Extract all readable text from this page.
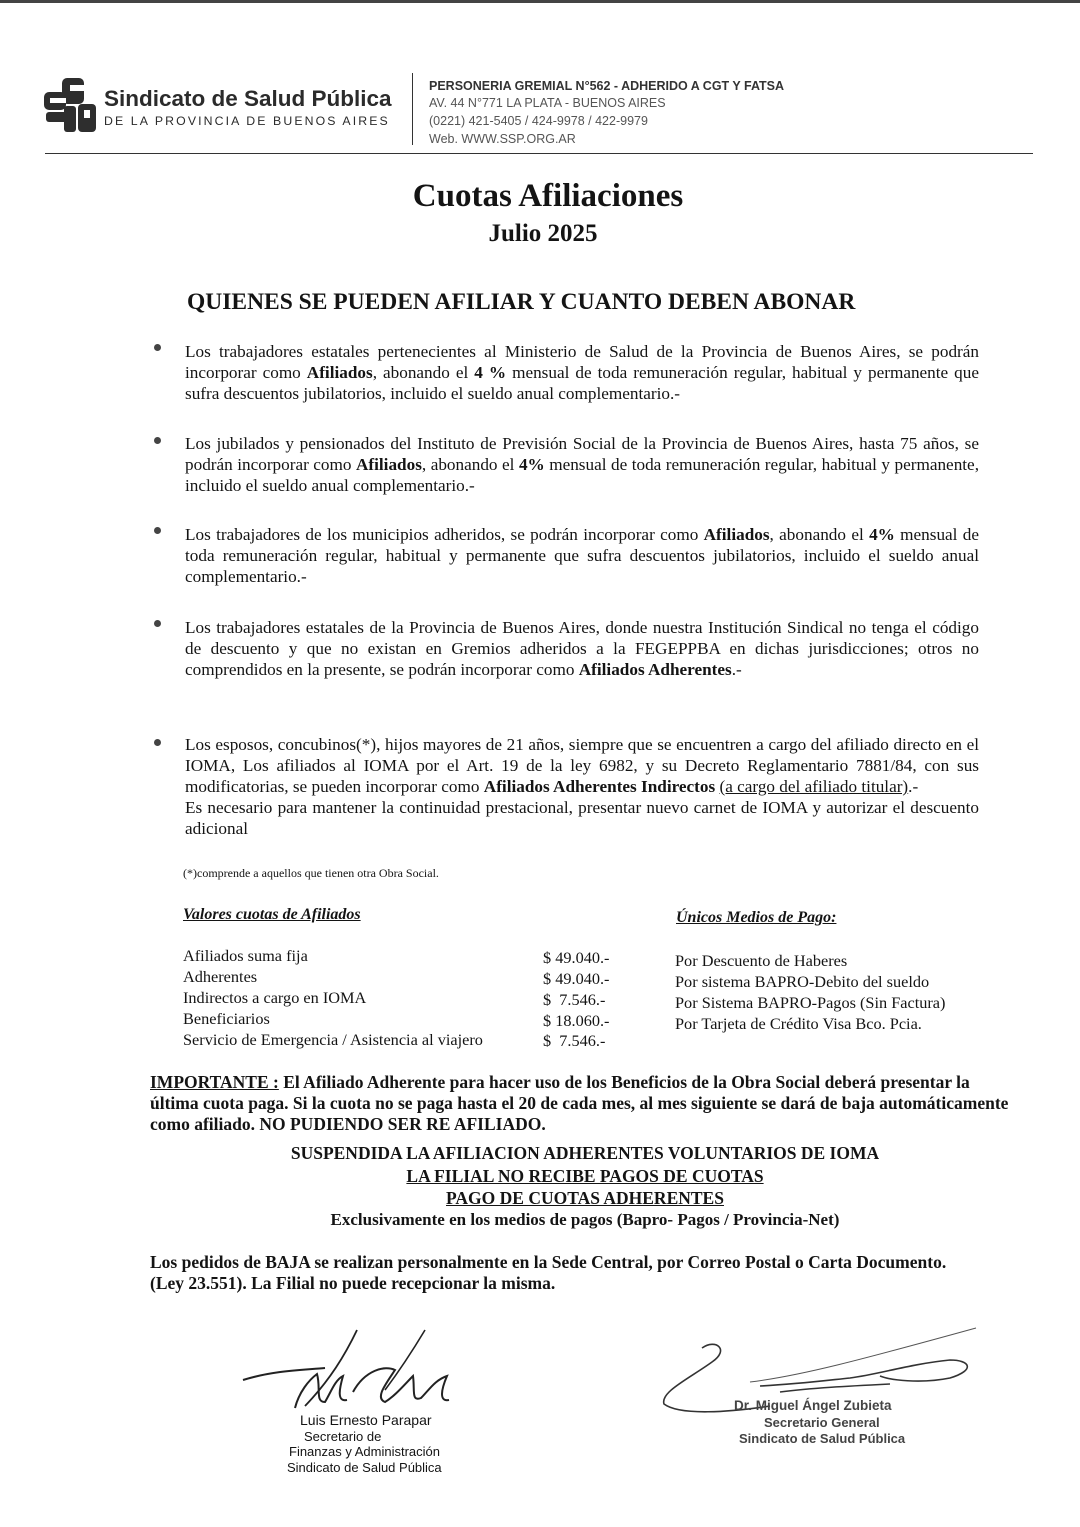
Sindicato de Salud Pública
DE LA PROVINCIA DE BUENOS AIRES
PERSONERIA GREMIAL N°562 - ADHERIDO A CGT Y FATSA
AV. 44 N°771 LA PLATA - BUENOS AIRES
(0221) 421-5405 / 424-9978 / 422-9979
Web. WWW.SSP.ORG.AR
Cuotas Afiliaciones
Julio 2025
QUIENES SE PUEDEN AFILIAR Y CUANTO DEBEN ABONAR
Los trabajadores estatales pertenecientes al Ministerio de Salud de la Provincia de Buenos Aires, se podrán incorporar como Afiliados, abonando el 4 % mensual de toda remuneración regular, habitual y permanente que sufra descuentos jubilatorios, incluido el sueldo anual complementario.-
Los jubilados y pensionados del Instituto de Previsión Social de la Provincia de Buenos Aires, hasta 75 años, se podrán incorporar como Afiliados, abonando el 4% mensual de toda remuneración regular, habitual y permanente, incluido el sueldo anual complementario.-
Los trabajadores de los municipios adheridos, se podrán incorporar como Afiliados, abonando el 4% mensual de toda remuneración regular, habitual y permanente que sufra descuentos jubilatorios, incluido el sueldo anual complementario.-
Los trabajadores estatales de la Provincia de Buenos Aires, donde nuestra Institución Sindical no tenga el código de descuento y que no existan en Gremios adheridos a la FEGEPPBA en dichas jurisdicciones; otros no comprendidos en la presente, se podrán incorporar como Afiliados Adherentes.-
Los esposos, concubinos(*), hijos mayores de 21 años, siempre que se encuentren a cargo del afiliado directo en el IOMA, Los afiliados al IOMA por el Art. 19 de la ley 6982, y su Decreto Reglamentario 7881/84, con sus modificatorias, se pueden incorporar como Afiliados Adherentes Indirectos (a cargo del afiliado titular).-
Es necesario para mantener la continuidad prestacional, presentar nuevo carnet de IOMA y autorizar el descuento adicional
(*)comprende a aquellos que tienen otra Obra Social.
Valores cuotas de Afiliados
Afiliados suma fija	$ 49.040.-
Adherentes	$ 49.040.-
Indirectos a cargo en IOMA	$  7.546.-
Beneficiarios	$ 18.060.-
Servicio de Emergencia / Asistencia al viajero	$  7.546.-
Únicos Medios de Pago:
Por Descuento de Haberes
Por sistema BAPRO-Debito del sueldo
Por Sistema BAPRO-Pagos (Sin Factura)
Por Tarjeta de Crédito Visa Bco. Pcia.
IMPORTANTE : El Afiliado Adherente para hacer uso de los Beneficios de la Obra Social deberá presentar la última cuota paga. Si la cuota no se paga hasta el 20 de cada mes, al mes siguiente se dará de baja automáticamente como afiliado. NO PUDIENDO SER RE AFILIADO.
SUSPENDIDA LA AFILIACION ADHERENTES VOLUNTARIOS DE IOMA
LA FILIAL NO RECIBE PAGOS DE CUOTAS
PAGO DE CUOTAS ADHERENTES
Exclusivamente en los medios de pagos (Bapro- Pagos / Provincia-Net)
Los pedidos de BAJA se realizan personalmente en la Sede Central, por Correo Postal o Carta Documento. (Ley 23.551). La Filial no puede recepcionar la misma.
Luis Ernesto Parapar
Secretario de
Finanzas y Administración
Sindicato de Salud Pública
Dr. Miguel Ángel Zubieta
Secretario General
Sindicato de Salud Pública
